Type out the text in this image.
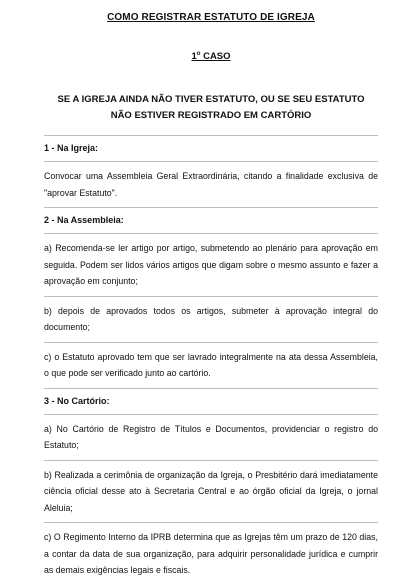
COMO REGISTRAR ESTATUTO DE IGREJA
1$^o$ CASO
SE A IGREJA AINDA NÃO TIVER ESTATUTO, OU SE SEU ESTATUTO
NÃO ESTIVER REGISTRADO EM CARTÓRIO
1 - Na Igreja:

Convocar uma Assembleia Geral Extraordinária, citando a finalidade exclusiva de "aprovar Estatuto".

2 - Na Assembleia:

a) Recomenda-se ler artigo por artigo, submetendo ao plenário para aprovação em seguida. Podem ser lidos vários artigos que digam sobre o mesmo assunto e fazer a aprovação em conjunto;

b) depois de aprovados todos os artigos, submeter à aprovação integral do documento;

c) o Estatuto aprovado tem que ser lavrado integralmente na ata dessa Assembleia, o que pode ser verificado junto ao cartório.

3 - No Cartório:

a) No Cartório de Registro de Títulos e Documentos, providenciar o registro do Estatuto;

b) Realizada a cerimônia de organização da Igreja, o Presbitério dará imediatamente ciência oficial desse ato à Secretaria Central e ao órgão oficial da Igreja, o jornal Aleluia;

c) O Regimento Interno da IPRB determina que as Igrejas têm um prazo de 120 dias, a contar da data de sua organização, para adquirir personalidade jurídica e cumprir as demais exigências legais e fiscais.
